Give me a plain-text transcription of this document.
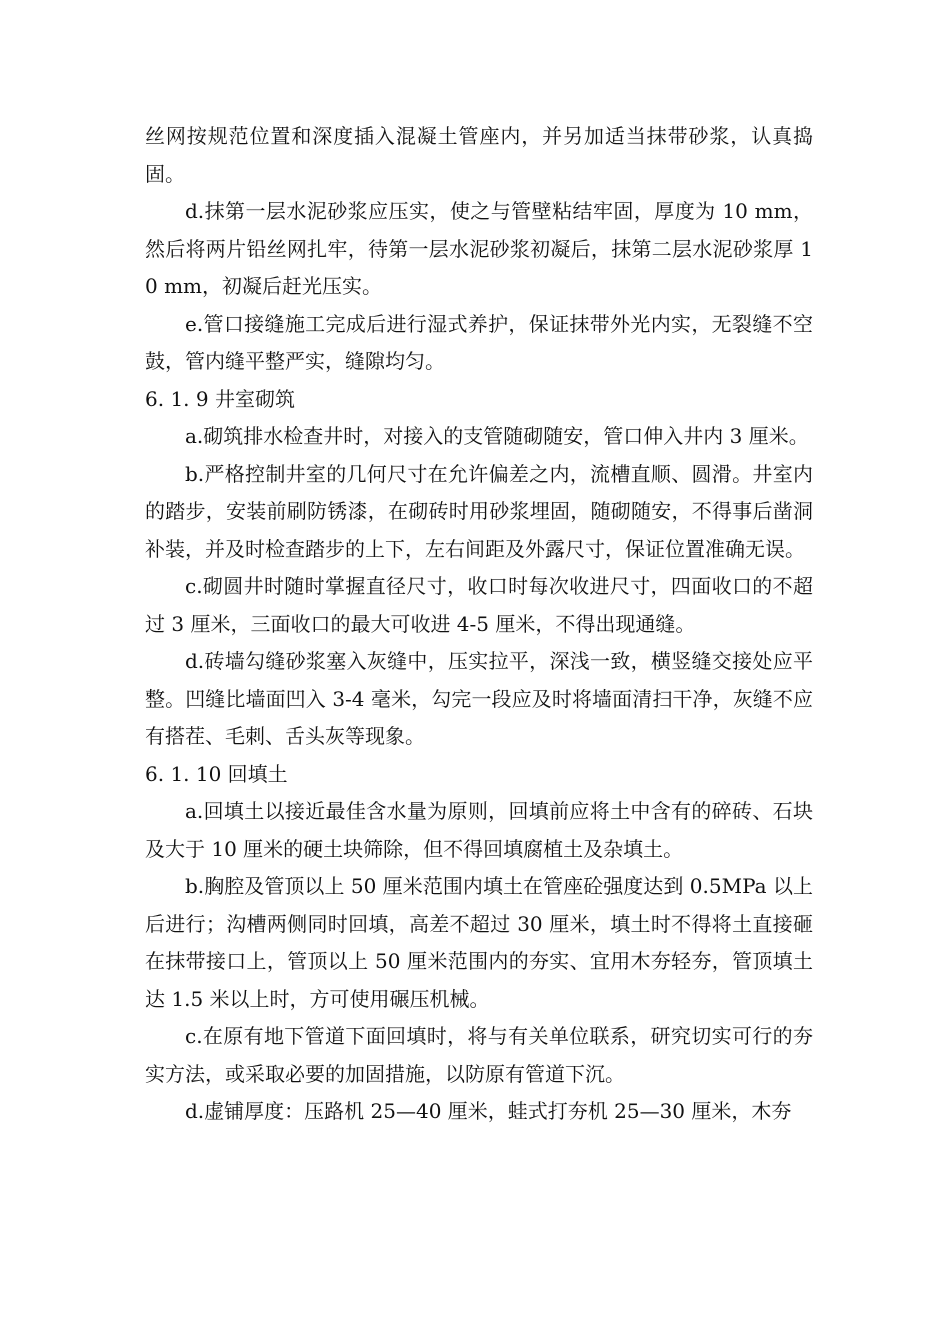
丝网按规范位置和深度插入混凝土管座内，并另加适当抹带砂浆，认真捣固。

d.抹第一层水泥砂浆应压实，使之与管壁粘结牢固，厚度为 10 mm，然后将两片铅丝网扎牢，待第一层水泥砂浆初凝后，抹第二层水泥砂浆厚 10 mm，初凝后赶光压实。

e.管口接缝施工完成后进行湿式养护，保证抹带外光内实，无裂缝不空鼓，管内缝平整严实，缝隙均匀。

6. 1. 9 井室砌筑

a.砌筑排水检查井时，对接入的支管随砌随安，管口伸入井内 3 厘米。

b.严格控制井室的几何尺寸在允许偏差之内，流槽直顺、圆滑。井室内的踏步，安装前刷防锈漆，在砌砖时用砂浆埋固，随砌随安，不得事后凿洞补装，并及时检查踏步的上下，左右间距及外露尺寸，保证位置准确无误。

c.砌圆井时随时掌握直径尺寸，收口时每次收进尺寸，四面收口的不超过 3 厘米，三面收口的最大可收进 4-5 厘米，不得出现通缝。

d.砖墙勾缝砂浆塞入灰缝中，压实拉平，深浅一致，横竖缝交接处应平整。凹缝比墙面凹入 3-4 毫米，勾完一段应及时将墙面清扫干净，灰缝不应有搭茬、毛刺、舌头灰等现象。

6. 1. 10 回填土

a.回填土以接近最佳含水量为原则，回填前应将土中含有的碎砖、石块及大于 10 厘米的硬土块筛除，但不得回填腐植土及杂填土。

b.胸腔及管顶以上 50 厘米范围内填土在管座砼强度达到 0.5MPa 以上后进行；沟槽两侧同时回填，高差不超过 30 厘米，填土时不得将土直接砸在抹带接口上，管顶以上 50 厘米范围内的夯实、宜用木夯轻夯，管顶填土达 1.5 米以上时，方可使用碾压机械。

c.在原有地下管道下面回填时，将与有关单位联系，研究切实可行的夯实方法，或采取必要的加固措施，以防原有管道下沉。

d.虚铺厚度：压路机 25—40 厘米，蛙式打夯机 25—30 厘米，木夯
